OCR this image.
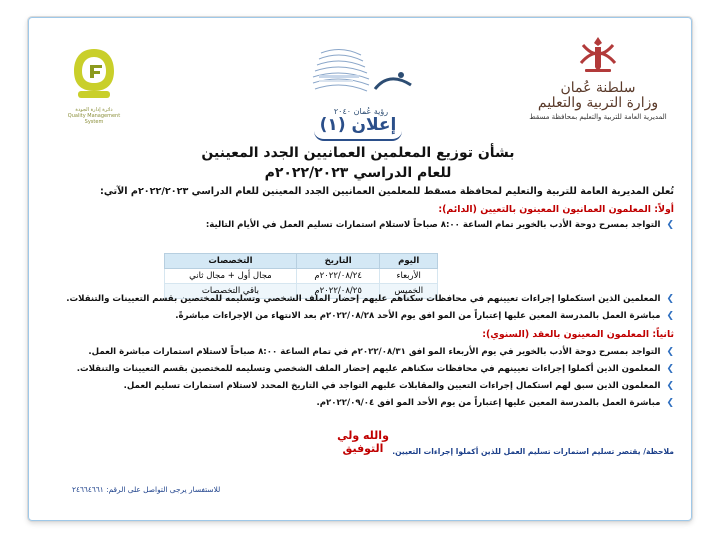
دائرة إدارة الجودة
Quality Management System
رؤية عُمان ٢٠٤٠
سلطنة عُمان
وزارة التربية والتعليم
المديرية العامة للتربية والتعليم بمحافظة مسقط
إعلان (١)
بشأن توزيع المعلمين العمانيين الجدد المعينين
للعام الدراسي ٢٠٢٢/٢٠٢٣م
تُعلن المديرية العامة للتربية والتعليم لمحافظة مسقط للمعلمين العمانيين الجدد المعينين للعام الدراسي ٢٠٢٢/٢٠٢٣م الآتي:
أولاً: المعلمون العمانيون المعينون بالتعيين (الدائم):
❯ التواجد بمسرح دوحة الأدب بالخوير تمام الساعة ٨:٠٠ صباحاً لاستلام استمارات تسليم العمل في الأيام التالية:
اليوم	التاريخ	التخصصات
الأربعاء	٢٠٢٢/٠٨/٢٤م	مجال أول + مجال ثاني
الخميس	٢٠٢٢/٠٨/٢٥م	باقي التخصصات
❯ المعلمين الذين استكملوا إجراءات تعيينهم في محافظات سكناهم عليهم إحضار الملف الشخصي وتسليمه للمختصين بقسم التعيينات والتنقلات.
❯ مباشرة العمل بالمدرسة المعين عليها إعتباراً من المو افق يوم الأحد ٢٠٢٢/٠٨/٢٨م بعد الانتهاء من الإجراءات مباشرةً.
ثانياً: المعلمون المعينون بالعقد (السنوي):
❯ التواجد بمسرح دوحة الأدب بالخوير في يوم الأربعاء المو افق ٢٠٢٢/٠٨/٣١م في تمام الساعة ٨:٠٠ صباحاً لاستلام استمارات مباشرة العمل.
❯ المعلمون الذين أكملوا إجراءات تعيينهم في محافظات سكناهم عليهم إحضار الملف الشخصي وتسليمه للمختصين بقسم التعيينات والتنقلات.
❯ المعلمون الذين سبق لهم استكمال إجراءات التعيين والمقابلات عليهم التواجد في التاريخ المحدد لاستلام استمارات تسليم العمل.
❯ مباشرة العمل بالمدرسة المعين عليها إعتباراً من يوم الأحد المو افق ٢٠٢٢/٠٩/٠٤م.
والله ولي التوفيق	ملاحظة/ يقتصر تسليم استمارات تسليم العمل للذين أكملوا إجراءات التعيين.
للاستفسار يرجى التواصل على الرقم: ٢٤٦٦٤٦٦١
